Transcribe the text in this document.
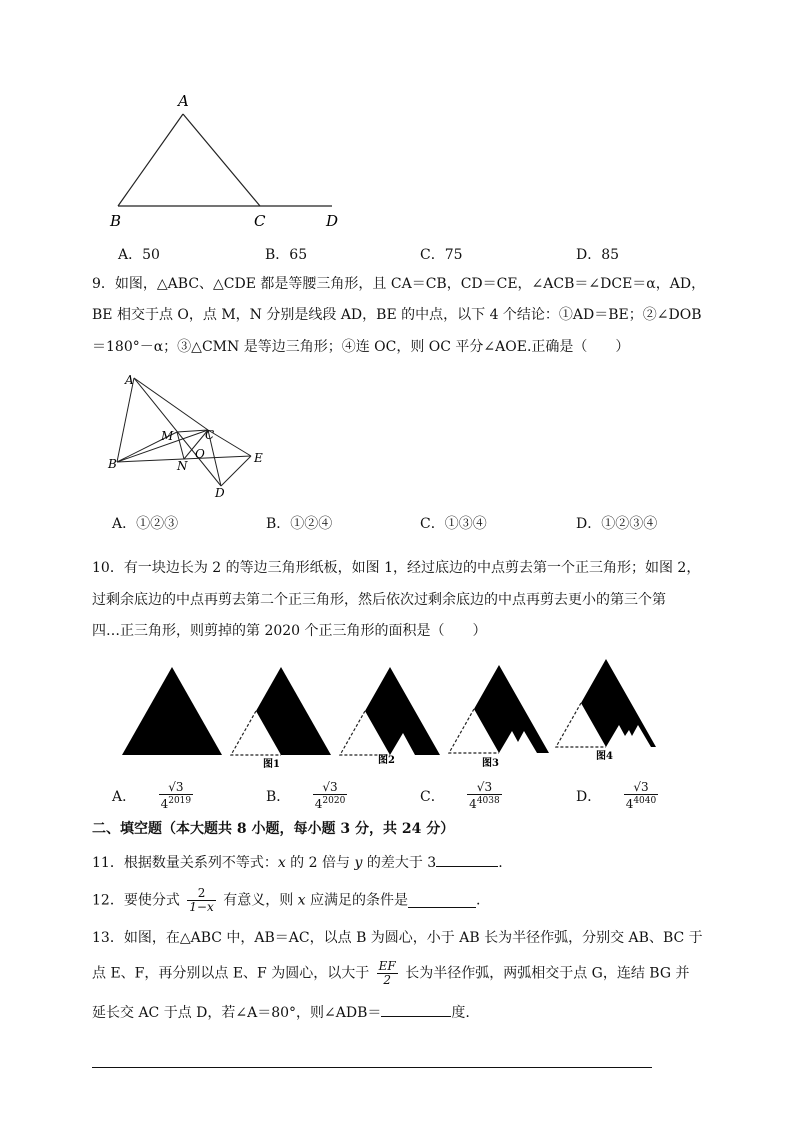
A
B	C	D
A．50	B．65	C．75	D．85
9．如图，△ABC、△CDE 都是等腰三角形，且 CA＝CB，CD＝CE，∠ACB＝∠DCE＝α，AD，
BE 相交于点 O，点 M，N 分别是线段 AD，BE 的中点，以下 4 个结论：①AD＝BE；②∠DOB
＝180°－α；③△CMN 是等边三角形；④连 OC，则 OC 平分∠AOE.正确是（　　）
A
M	C
O
B	N
E
D
A．①②③	B．①②④	C．①③④	D．①②③④
10．有一块边长为 2 的等边三角形纸板，如图 1，经过底边的中点剪去第一个正三角形；如图 2，
过剩余底边的中点再剪去第二个正三角形，然后依次过剩余底边的中点再剪去更小的第三个第
四…正三角形，则剪掉的第 2020 个正三角形的面积是（　　）
图1	图2	图3
图4
A． $\frac{√3}{4^{2019}}$	B． $\frac{√3}{4^{2020}}$	C． $\frac{√3}{4^{4038}}$	D． $\frac{√3}{4^{4040}}$
二、填空题（本大题共 8 小题，每小题 3 分，共 24 分）
11．根据数量关系列不等式：x 的 2 倍与 y 的差大于 3	.
12．要使分式 $\frac{2}{1-x}$ 有意义，则 x 应满足的条件是	.
13．如图，在△ABC 中，AB＝AC，以点 B 为圆心，小于 AB 长为半径作弧，分别交 AB、BC 于
点 E、F，再分别以点 E、F 为圆心，以大于 $\frac{EF}{2}$ 长为半径作弧，两弧相交于点 G，连结 BG 并
延长交 AC 于点 D，若∠A＝80°，则∠ADB＝	度.
